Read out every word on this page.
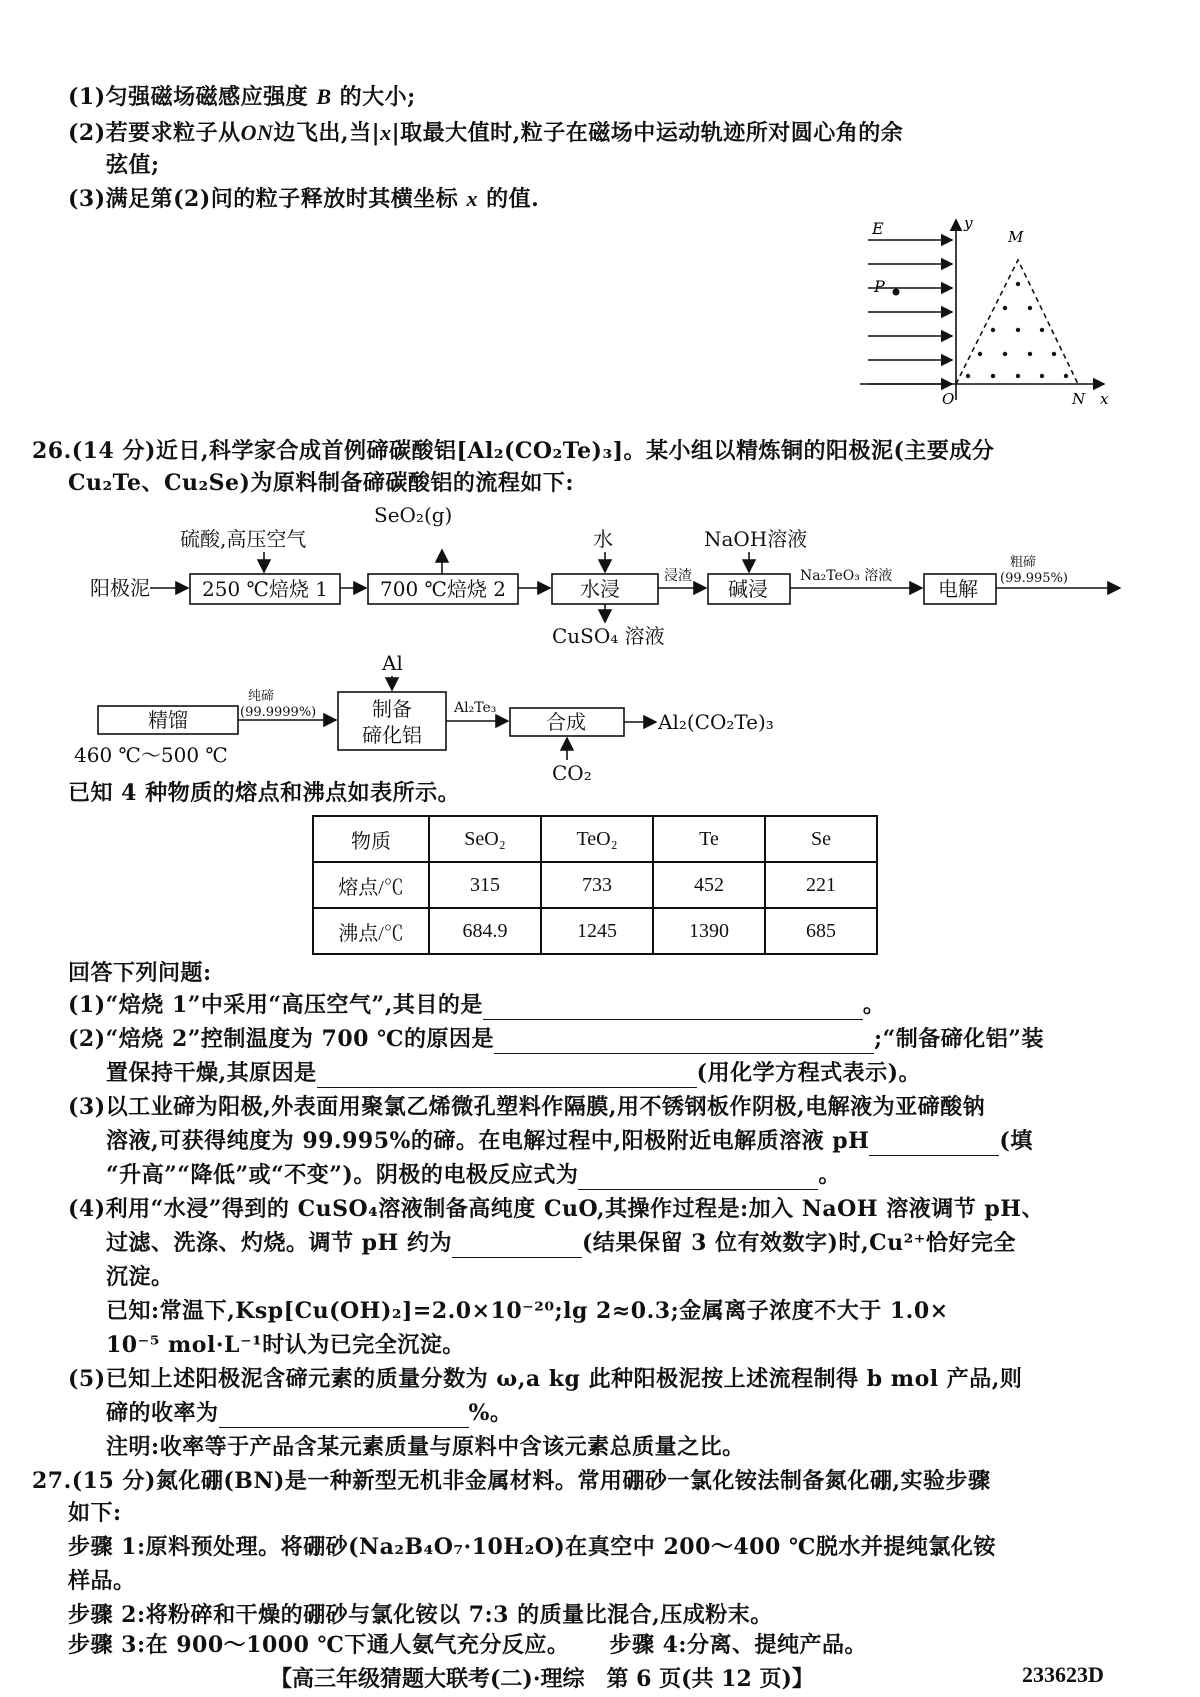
(1)匀强磁场磁感应强度 B 的大小;
(2)若要求粒子从ON边飞出,当|x|取最大值时,粒子在磁场中运动轨迹所对圆心角的余
弦值;
(3)满足第(2)问的粒子释放时其横坐标 x 的值.
E
P
y
M
O	N x
26.(14 分)近日,科学家合成首例碲碳酸铝[Al₂(CO₂Te)₃]。某小组以精炼铜的阳极泥(主要成分
Cu₂Te、Cu₂Se)为原料制备碲碳酸铝的流程如下:
阳极泥
硫酸,高压空气
250 ℃焙烧 1
SeO₂(g)
700 ℃焙烧 2
水
水浸
CuSO₄ 溶液
浸渣
NaOH溶液
碱浸
Na₂TeO₃ 溶液
电解
粗碲
(99.995%)
精馏
460 ℃～500 ℃
纯碲
(99.9999%)
Al
制备
碲化铝
Al₂Te₃
合成
CO₂
Al₂(CO₂Te)₃
已知 4 种物质的熔点和沸点如表所示。
物质	SeO₂	TeO₂	Te	Se
熔点/℃	315	733	452	221
沸点/℃	684.9	1245	1390	685
回答下列问题:
(1)“焙烧 1”中采用“高压空气”,其目的是	。
(2)“焙烧 2”控制温度为 700 ℃的原因是	;“制备碲化铝”装
置保持干燥,其原因是	(用化学方程式表示)。
(3)以工业碲为阳极,外表面用聚氯乙烯微孔塑料作隔膜,用不锈钢板作阴极,电解液为亚碲酸钠
溶液,可获得纯度为 99.995%的碲。在电解过程中,阳极附近电解质溶液 pH	(填
“升高”“降低”或“不变”)。阴极的电极反应式为	。
(4)利用“水浸”得到的 CuSO₄溶液制备高纯度 CuO,其操作过程是:加入 NaOH 溶液调节 pH、
过滤、洗涤、灼烧。调节 pH 约为	(结果保留 3 位有效数字)时,Cu²⁺恰好完全
沉淀。
已知:常温下,Ksp[Cu(OH)₂]=2.0×10⁻²⁰;lg 2≈0.3;金属离子浓度不大于 1.0×
10⁻⁵ mol·L⁻¹时认为已完全沉淀。
(5)已知上述阳极泥含碲元素的质量分数为 ω,a kg 此种阳极泥按上述流程制得 b mol 产品,则
碲的收率为	%。
注明:收率等于产品含某元素质量与原料中含该元素总质量之比。
27.(15 分)氮化硼(BN)是一种新型无机非金属材料。常用硼砂一氯化铵法制备氮化硼,实验步骤
如下:
步骤 1:原料预处理。将硼砂(Na₂B₄O₇·10H₂O)在真空中 200～400 ℃脱水并提纯氯化铵
样品。
步骤 2:将粉碎和干燥的硼砂与氯化铵以 7:3 的质量比混合,压成粉末。
步骤 3:在 900～1000 ℃下通人氨气充分反应。 步骤 4:分离、提纯产品。
【高三年级猜题大联考(二)·理综　第 6 页(共 12 页)】	233623D
